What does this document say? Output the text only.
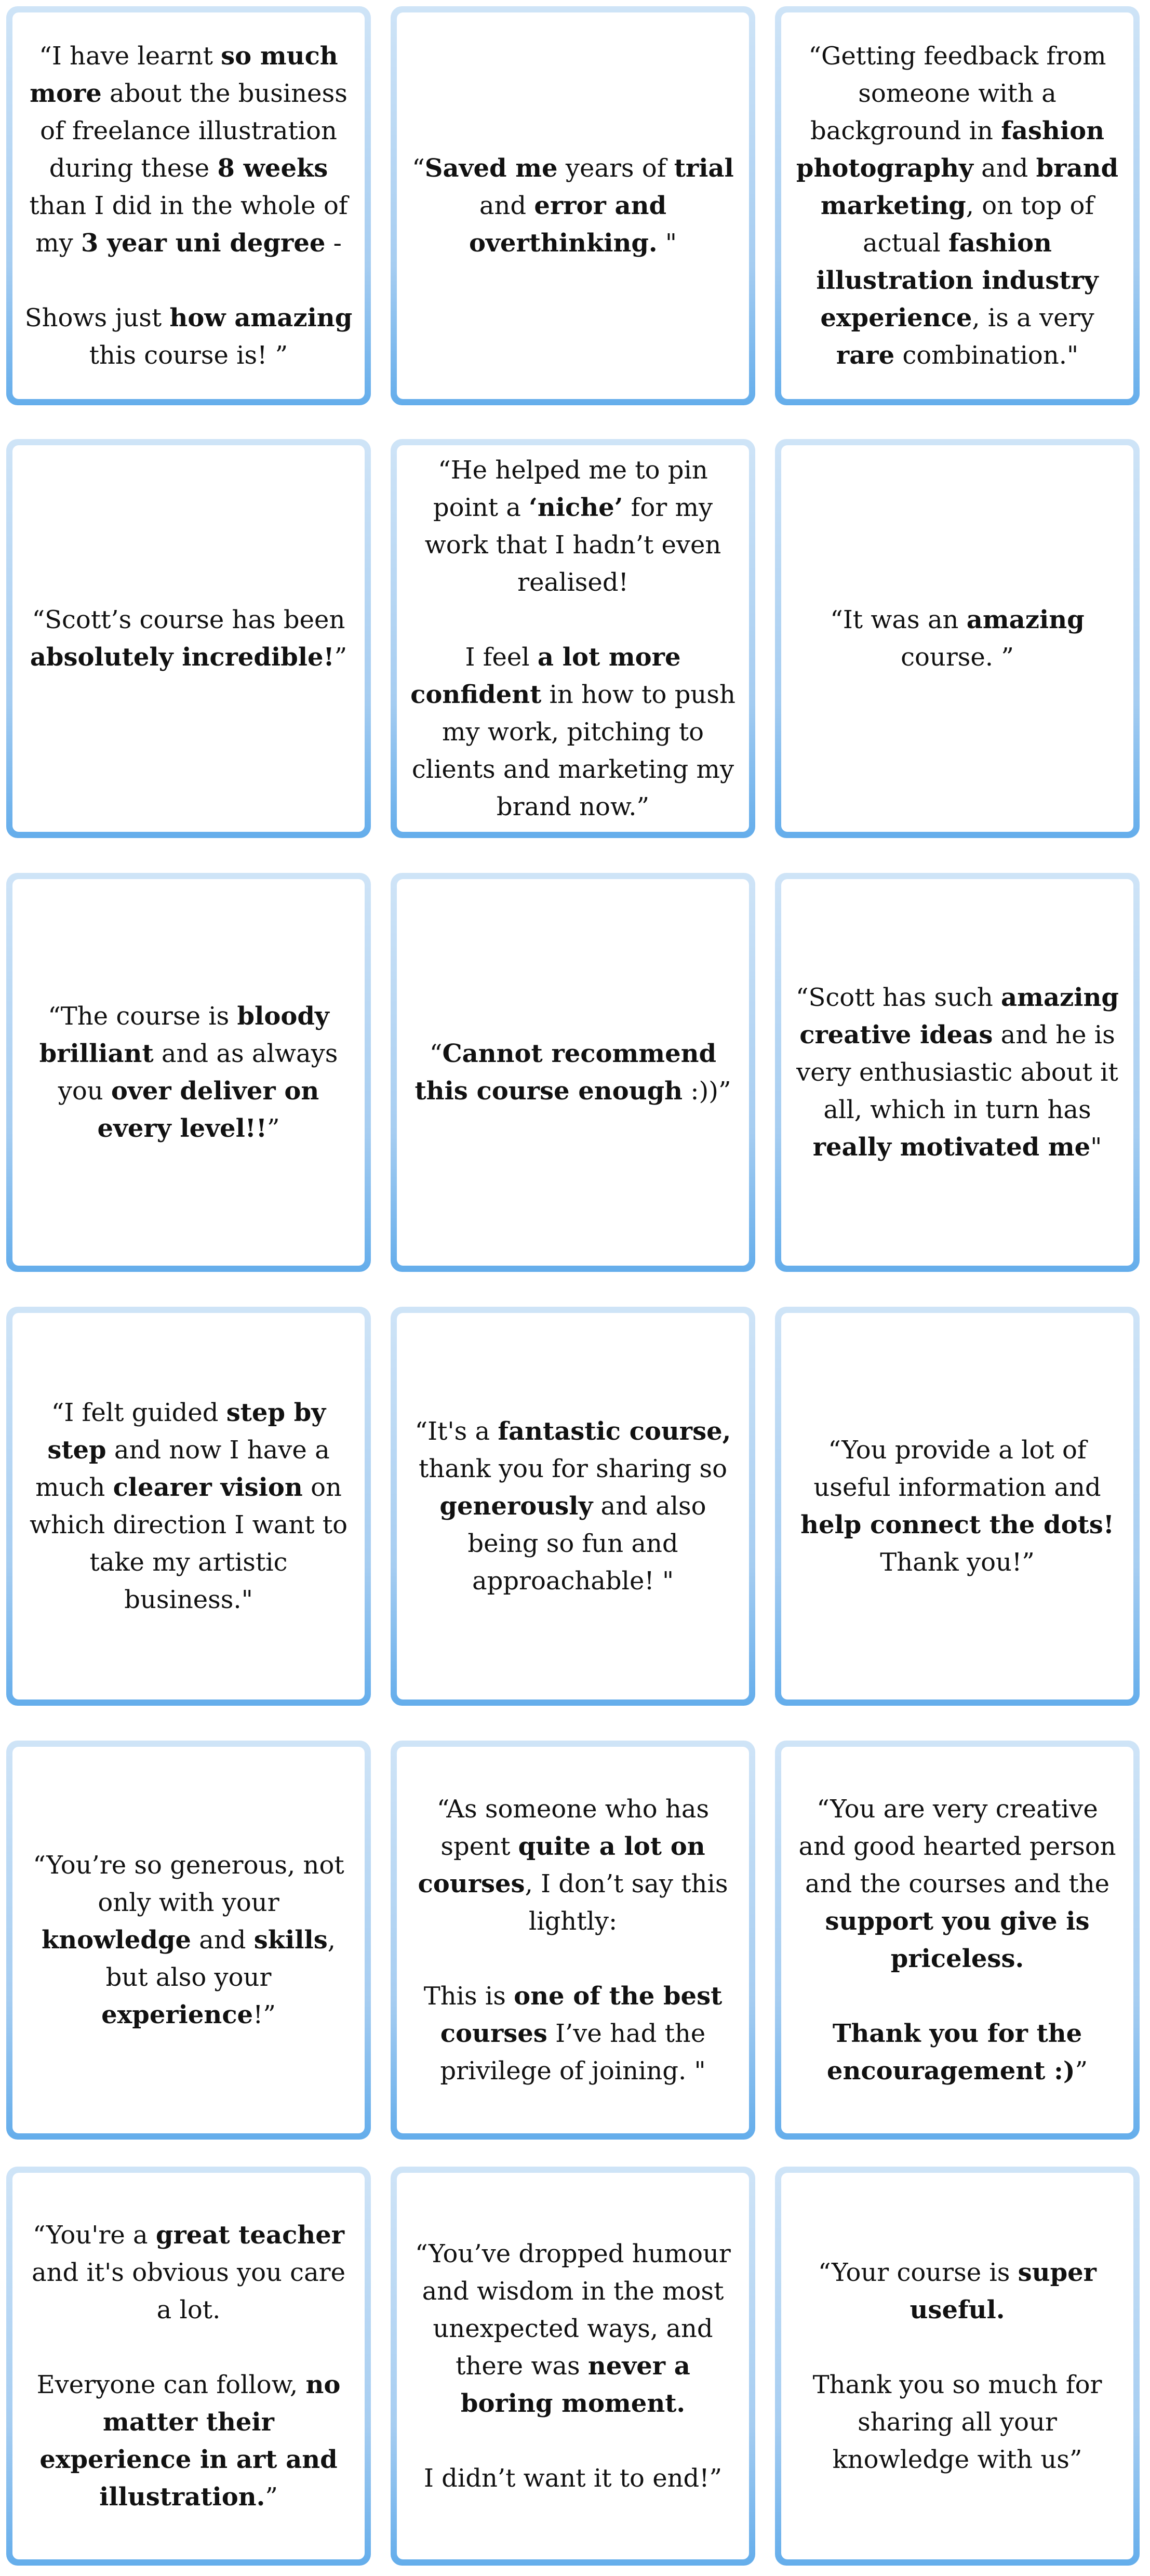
“I have learnt so much more about the business of freelance illustration during these 8 weeks than I did in the whole of my 3 year uni degree -

Shows just how amazing this course is! ”

“Saved me years of trial and error and overthinking. "

“Getting feedback from someone with a background in fashion photography and brand marketing, on top of actual fashion illustration industry experience, is a very rare combination."

“Scott’s course has been absolutely incredible!”

“He helped me to pin point a ‘niche’ for my work that I hadn’t even realised!

I feel a lot more confident in how to push my work, pitching to clients and marketing my brand now.”

“It was an amazing course. ”

“The course is bloody brilliant and as always you over deliver on every level!!”

“Cannot recommend this course enough :))”

“Scott has such amazing creative ideas and he is very enthusiastic about it all, which in turn has really motivated me"

“I felt guided step by step and now I have a much clearer vision on which direction I want to take my artistic business."

“It's a fantastic course, thank you for sharing so generously and also being so fun and approachable! "

“You provide a lot of useful information and help connect the dots! Thank you!”

“You’re so generous, not only with your knowledge and skills, but also your experience!”

“As someone who has spent quite a lot on courses, I don’t say this lightly:

This is one of the best courses I’ve had the privilege of joining. "

“You are very creative and good hearted person and the courses and the support you give is priceless.

Thank you for the encouragement :)”

“You're a great teacher and it's obvious you care a lot.

Everyone can follow, no matter their experience in art and illustration.”

“You’ve dropped humour and wisdom in the most unexpected ways, and there was never a boring moment.

I didn’t want it to end!”

“Your course is super useful.

Thank you so much for sharing all your knowledge with us”
